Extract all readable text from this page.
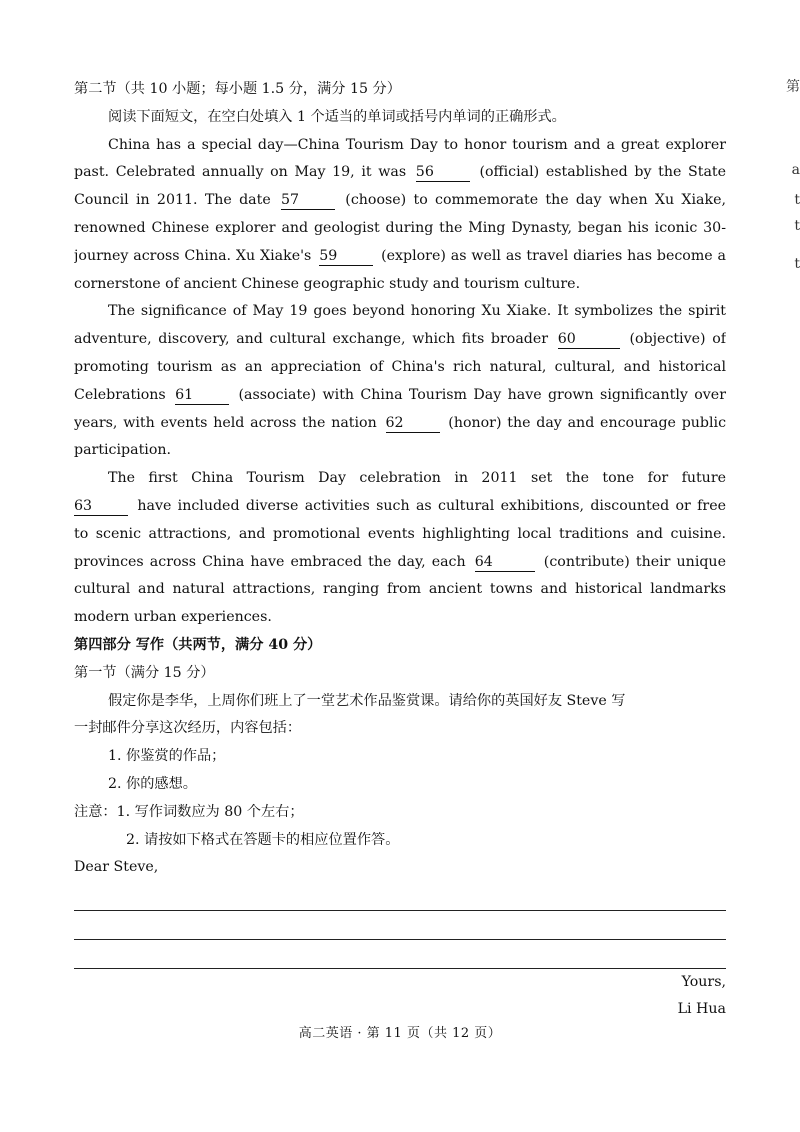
第二节（共 10 小题；每小题 1.5 分，满分 15 分）
阅读下面短文，在空白处填入 1 个适当的单词或括号内单词的正确形式。
China has a special day—China Tourism Day to honor tourism and a great explorer
past. Celebrated annually on May 19, it was 56	(official) established by the State
Council in 2011. The date 57	(choose) to commemorate the day when Xu Xiake,
renowned Chinese explorer and geologist during the Ming Dynasty, began his iconic 30-
journey across China. Xu Xiake's 59	(explore) as well as travel diaries has become a
cornerstone of ancient Chinese geographic study and tourism culture.
The significance of May 19 goes beyond honoring Xu Xiake. It symbolizes the spirit
adventure, discovery, and cultural exchange, which fits broader 60	(objective) of
promoting tourism as an appreciation of China's rich natural, cultural, and historical
Celebrations 61	(associate) with China Tourism Day have grown significantly over
years, with events held across the nation 62	(honor) the day and encourage public
participation.
The first China Tourism Day celebration in 2011 set the tone for future
63	have included diverse activities such as cultural exhibitions, discounted or free
to scenic attractions, and promotional events highlighting local traditions and cuisine.
provinces across China have embraced the day, each 64	(contribute) their unique
cultural and natural attractions, ranging from ancient towns and historical landmarks
modern urban experiences.
第四部分 写作（共两节，满分 40 分）
第一节（满分 15 分）
假定你是李华，上周你们班上了一堂艺术作品鉴赏课。请给你的英国好友 Steve 写
一封邮件分享这次经历，内容包括：
1. 你鉴赏的作品；
2. 你的感想。
注意：1. 写作词数应为 80 个左右；
2. 请按如下格式在答题卡的相应位置作答。
Dear Steve,
Yours,
Li Hua
高二英语 · 第 11 页（共 12 页）
第
a
t
t
t
